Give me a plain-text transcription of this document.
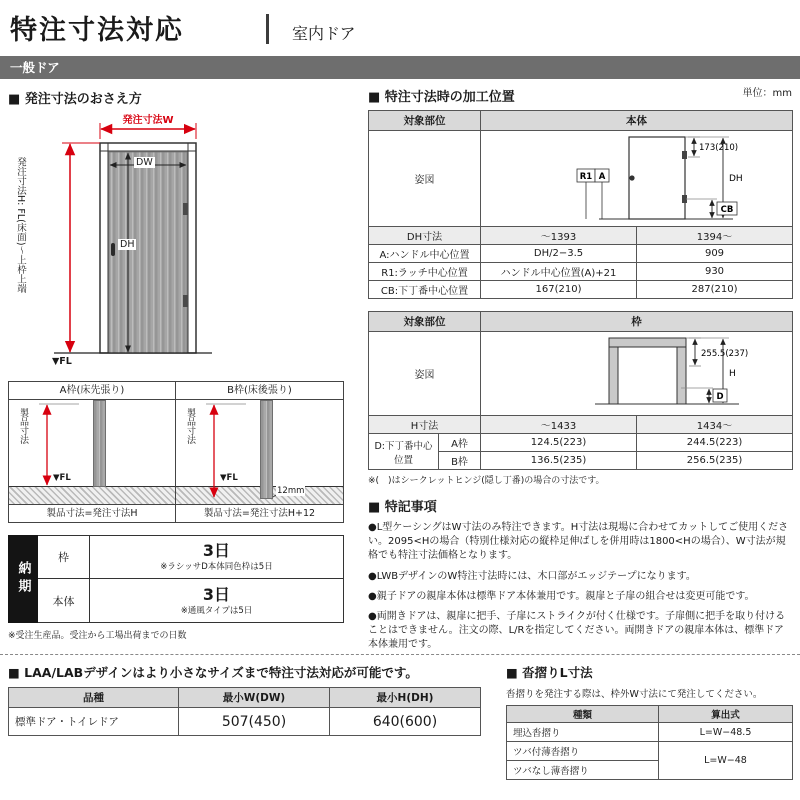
特注寸法対応	室内ドア
一般ドア
■ 発注寸法のおさえ方
発注寸法W
発注寸法H: FL(床面)〜上枠上端	DW
DH
▼FL
A枠(床先張り)	B枠(床後張り)
製品寸法
▼FL
製品寸法
▼FL
12mm
製品寸法=発注寸法H	製品寸法=発注寸法H+12
納期
枠	3日
※ラシッサD本体同色枠は5日
本体	3日
※通風タイプは5日
※受注生産品。受注から工場出荷までの日数
単位：mm
■ 特注寸法時の加工位置
対象部位	本体	
姿図	173(210)
DH
R1 A
CB	

DH寸法	〜1393	1394〜
A:ハンドル中心位置	DH/2−3.5	909
R1:ラッチ中心位置	ハンドル中心位置(A)+21	930
CB:下丁番中心位置	167(210)	287(210)
対象部位		枠	
姿図		255.5(237)
H
D	

H寸法		〜1433	1434〜
D:下丁番中心位置	A枠	124.5(223)	244.5(223)
	B枠	136.5(235)	256.5(235)
※(　)はシークレットヒンジ(隠し丁番)の場合の寸法です。
■ 特記事項
●L型ケーシングはW寸法のみ特注できます。H寸法は現場に合わせてカットしてご使用ください。2095<Hの場合（特別仕様対応の縦枠足伸ばしを併用時は1800<Hの場合）、W寸法が規格でも特注寸法価格となります。
●LWBデザインのW特注寸法時には、木口部がエッジテープになります。
●親子ドアの親扉本体は標準ドア本体兼用です。親扉と子扉の組合せは変更可能です。
●両開きドアは、親扉に把手、子扉にストライクが付く仕様です。子扉側に把手を取り付けることはできません。注文の際、L/Rを指定してください。両開きドアの親扉本体は、標準ドア本体兼用です。
■ LAA/LABデザインはより小さなサイズまで特注寸法対応が可能です。
品種	最小W(DW)	最小H(DH)
標準ドア・トイレドア	507(450)	640(600)
■ 沓摺りL寸法
沓摺りを発注する際は、枠外W寸法にて発注してください。
種類	算出式
埋込沓摺り	L=W−48.5
ツバ付薄沓摺り	L=W−48
ツバなし薄沓摺り	
